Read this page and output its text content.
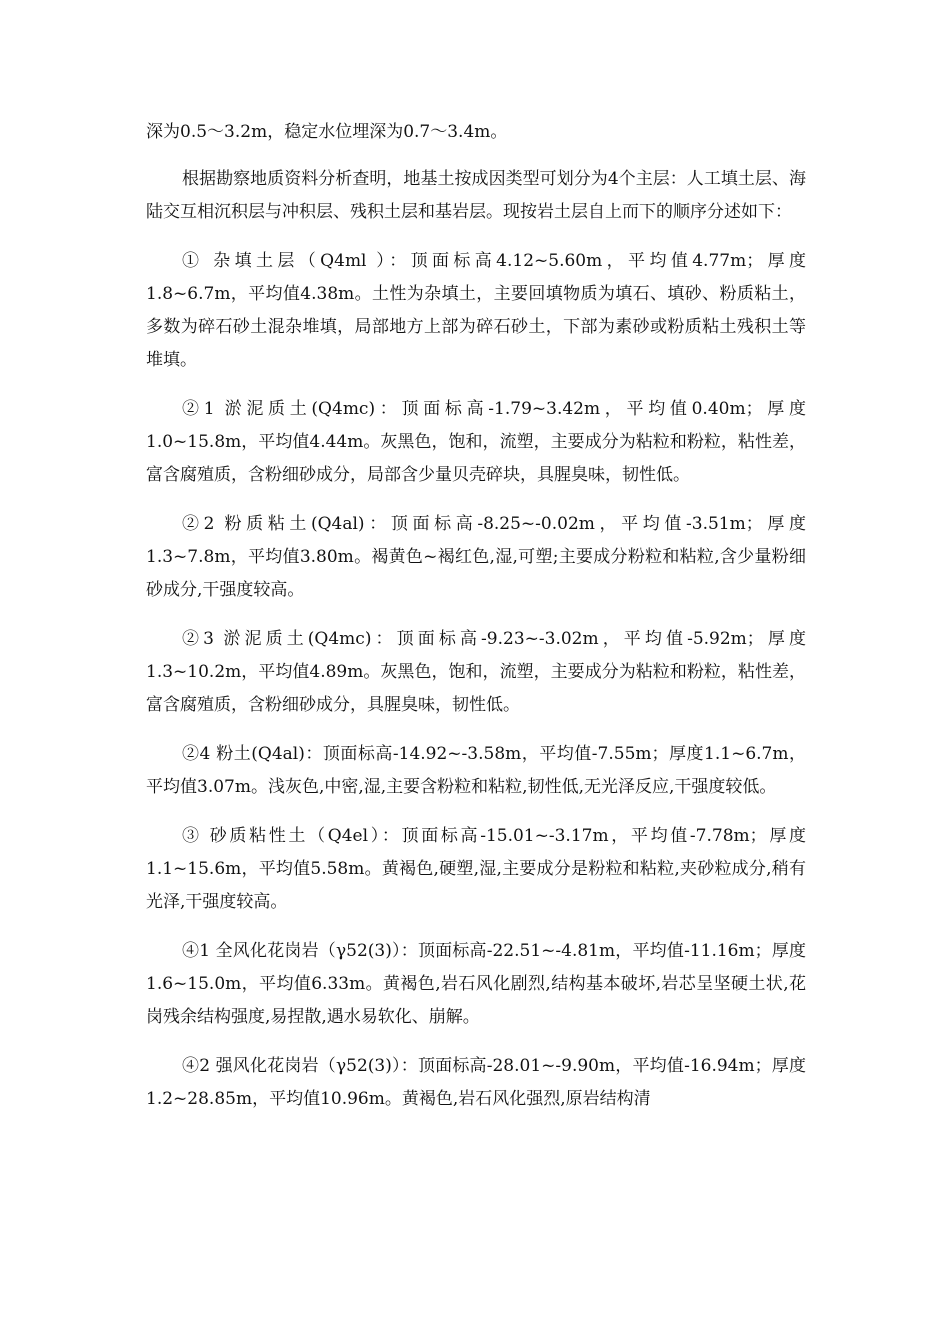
深为0.5～3.2m，稳定水位埋深为0.7～3.4m。

根据勘察地质资料分析查明，地基土按成因类型可划分为4个主层：人工填土层、海陆交互相沉积层与冲积层、残积土层和基岩层。现按岩土层自上而下的顺序分述如下：

① 杂填土层（Q4ml ）：顶面标高4.12~5.60m，平均值4.77m；厚度1.8~6.7m，平均值4.38m。土性为杂填土，主要回填物质为填石、填砂、粉质粘土，多数为碎石砂土混杂堆填，局部地方上部为碎石砂土，下部为素砂或粉质粘土残积土等堆填。

②1 淤泥质土(Q4mc)：顶面标高-1.79~3.42m，平均值0.40m；厚度1.0~15.8m，平均值4.44m。灰黑色，饱和，流塑，主要成分为粘粒和粉粒，粘性差，富含腐殖质，含粉细砂成分，局部含少量贝壳碎块，具腥臭味，韧性低。

②2 粉质粘土(Q4al)：顶面标高-8.25~-0.02m，平均值-3.51m；厚度1.3~7.8m，平均值3.80m。褐黄色~褐红色,湿,可塑;主要成分粉粒和粘粒,含少量粉细砂成分,干强度较高。

②3 淤泥质土(Q4mc)：顶面标高-9.23~-3.02m，平均值-5.92m；厚度1.3~10.2m，平均值4.89m。灰黑色，饱和，流塑，主要成分为粘粒和粉粒，粘性差，富含腐殖质，含粉细砂成分，具腥臭味，韧性低。

②4 粉土(Q4al)：顶面标高-14.92~-3.58m，平均值-7.55m；厚度1.1~6.7m，平均值3.07m。浅灰色,中密,湿,主要含粉粒和粘粒,韧性低,无光泽反应,干强度较低。

③ 砂质粘性土（Q4el）：顶面标高-15.01~-3.17m，平均值-7.78m；厚度1.1~15.6m，平均值5.58m。黄褐色,硬塑,湿,主要成分是粉粒和粘粒,夹砂粒成分,稍有光泽,干强度较高。

④1 全风化花岗岩（γ52(3)）：顶面标高-22.51~-4.81m，平均值-11.16m；厚度1.6~15.0m，平均值6.33m。黄褐色,岩石风化剧烈,结构基本破坏,岩芯呈坚硬土状,花岗残余结构强度,易捏散,遇水易软化、崩解。

④2 强风化花岗岩（γ52(3)）：顶面标高-28.01~-9.90m，平均值-16.94m；厚度1.2~28.85m，平均值10.96m。黄褐色,岩石风化强烈,原岩结构清
